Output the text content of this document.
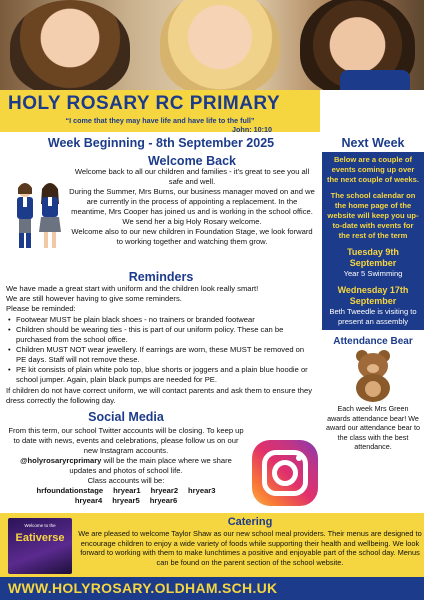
HOLY ROSARY RC PRIMARY
“I come that they may have life and have life to the full”
John: 10:10
Week Beginning - 8th September 2025
Welcome Back

Welcome back to all our children and families - it's great to see you all safe and well.

During the Summer, Mrs Burns, our business manager moved on and we are currently in the process of appointing a replacement. In the meantime, Mrs Cooper has joined us and is working in the school office. We send her a big Holy Rosary welcome.

Welcome also to our new children in Foundation Stage, we look forward to working together and watching them grow.

Reminders

We have made a great start with uniform and the children look really smart!

We are still however having to give some reminders.

Please be reminded:

• Footwear MUST be plain black shoes - no trainers or branded footwear
• Children should be wearing ties - this is part of our uniform policy. These can be purchased from the school office.
• Children MUST NOT wear jewellery. If earrings are worn, these MUST be removed on PE days. Staff will not remove these.
• PE kit consists of plain white polo top, blue shorts or joggers and a plain blue hoodie or school jumper. Again, plain black pumps are needed for PE.

If children do not have correct uniform, we will contact parents and ask them to ensure they dress correctly the following day.

Social Media

From this term, our school Twitter accounts will be closing. To keep up to date with news, events and celebrations, please follow us on our new Instagram accounts.

@holyrosaryrcprimary will be the main place where we share updates and photos of school life.

Class accounts will be:

hrfoundationstage hryear1 hryear2 hryear3
hryear4 hryear5 hryear6
Next Week

Below are a couple of events coming up over the next couple of weeks.

The school calendar on the home page of the website will keep you up-to-date with events for the rest of the term

Tuesday 9th September

Year 5 Swimming

Wednesday 17th September

Beth Tweedle is visiting to present an assembly

Attendance Bear

Each week Mrs Green awards attendance bear! We award our attendance bear to the class with the best attendance.

Welcome to the
Eativerse
Catering
We are pleased to welcome Taylor Shaw as our new school meal providers. Their menus are designed to encourage children to enjoy a wide variety of foods while supporting their health and wellbeing. We look forward to working with them to make lunchtimes a positive and enjoyable part of the school day. Menus can be found on the parent section of the school website.
WWW.HOLYROSARY.OLDHAM.SCH.UK
